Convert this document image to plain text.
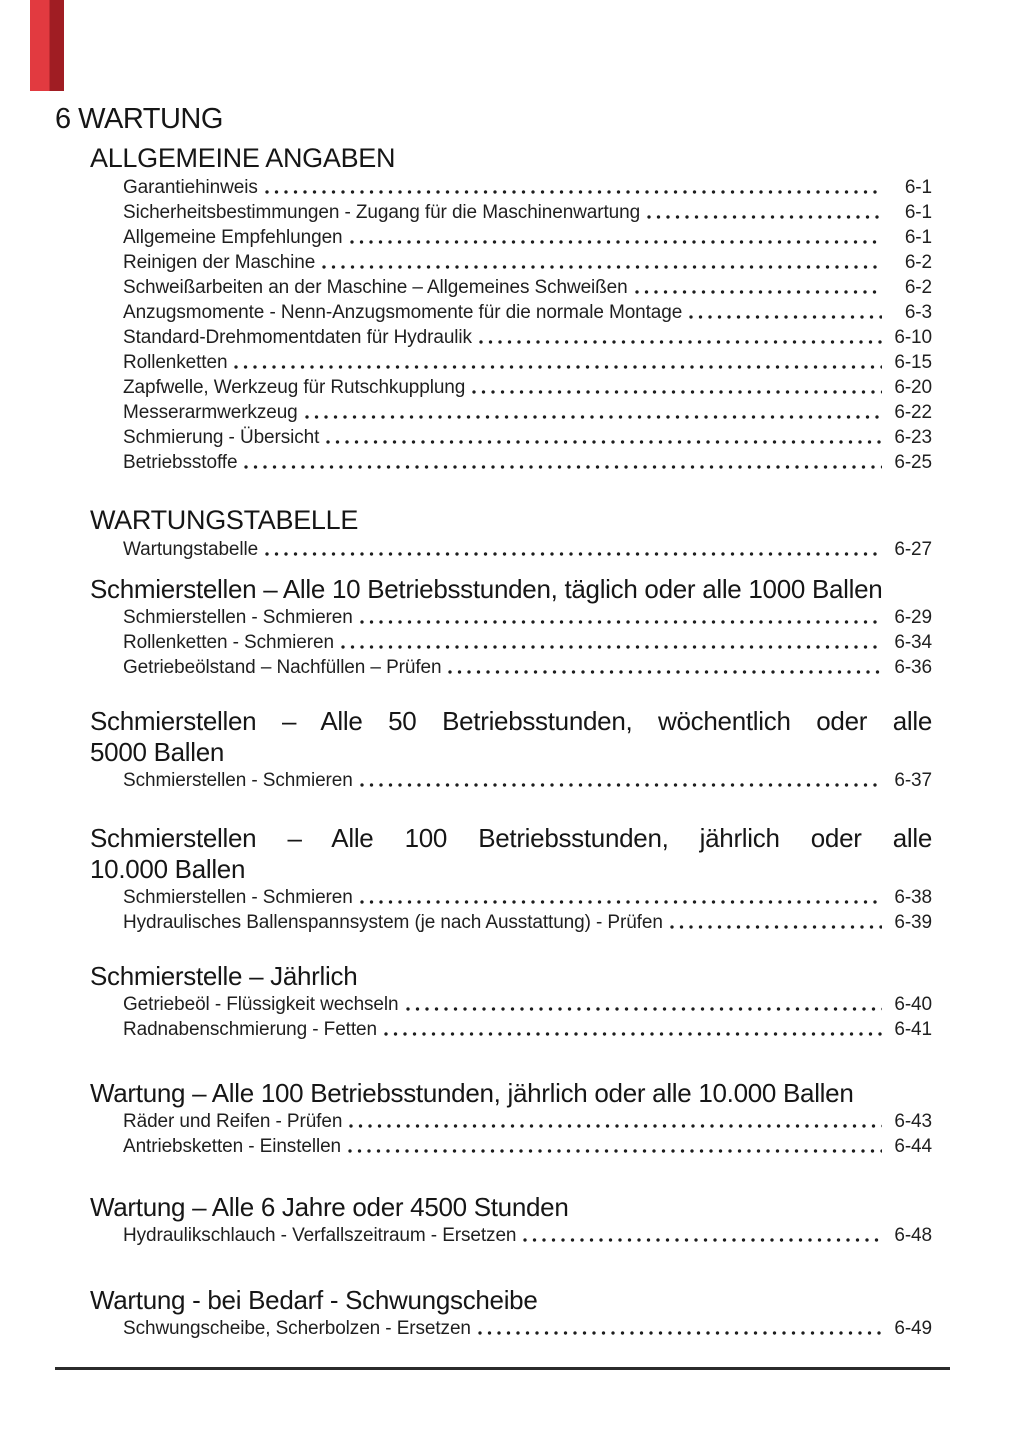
6 WARTUNG
ALLGEMEINE ANGABEN
Garantiehinweis	6-1
Sicherheitsbestimmungen - Zugang für die Maschinenwartung	6-1
Allgemeine Empfehlungen	6-1
Reinigen der Maschine	6-2
Schweißarbeiten an der Maschine – Allgemeines Schweißen	6-2
Anzugsmomente - Nenn-Anzugsmomente für die normale Montage	6-3
Standard-Drehmomentdaten für Hydraulik	6-10
Rollenketten	6-15
Zapfwelle, Werkzeug für Rutschkupplung	6-20
Messerarmwerkzeug	6-22
Schmierung - Übersicht	6-23
Betriebsstoffe	6-25
WARTUNGSTABELLE
Wartungstabelle	6-27
Schmierstellen – Alle 10 Betriebsstunden, täglich oder alle 1000 Ballen
Schmierstellen - Schmieren	6-29
Rollenketten - Schmieren	6-34
Getriebeölstand – Nachfüllen – Prüfen	6-36
Schmierstellen – Alle 50 Betriebsstunden, wöchentlich oder alle
5000 Ballen
Schmierstellen - Schmieren	6-37
Schmierstellen – Alle 100 Betriebsstunden, jährlich oder alle
10.000 Ballen
Schmierstellen - Schmieren	6-38
Hydraulisches Ballenspannsystem (je nach Ausstattung) - Prüfen	6-39
Schmierstelle – Jährlich
Getriebeöl - Flüssigkeit wechseln	6-40
Radnabenschmierung - Fetten	6-41
Wartung – Alle 100 Betriebsstunden, jährlich oder alle 10.000 Ballen
Räder und Reifen - Prüfen	6-43
Antriebsketten - Einstellen	6-44
Wartung – Alle 6 Jahre oder 4500 Stunden
Hydraulikschlauch - Verfallszeitraum - Ersetzen	6-48
Wartung - bei Bedarf - Schwungscheibe
Schwungscheibe, Scherbolzen - Ersetzen	6-49
